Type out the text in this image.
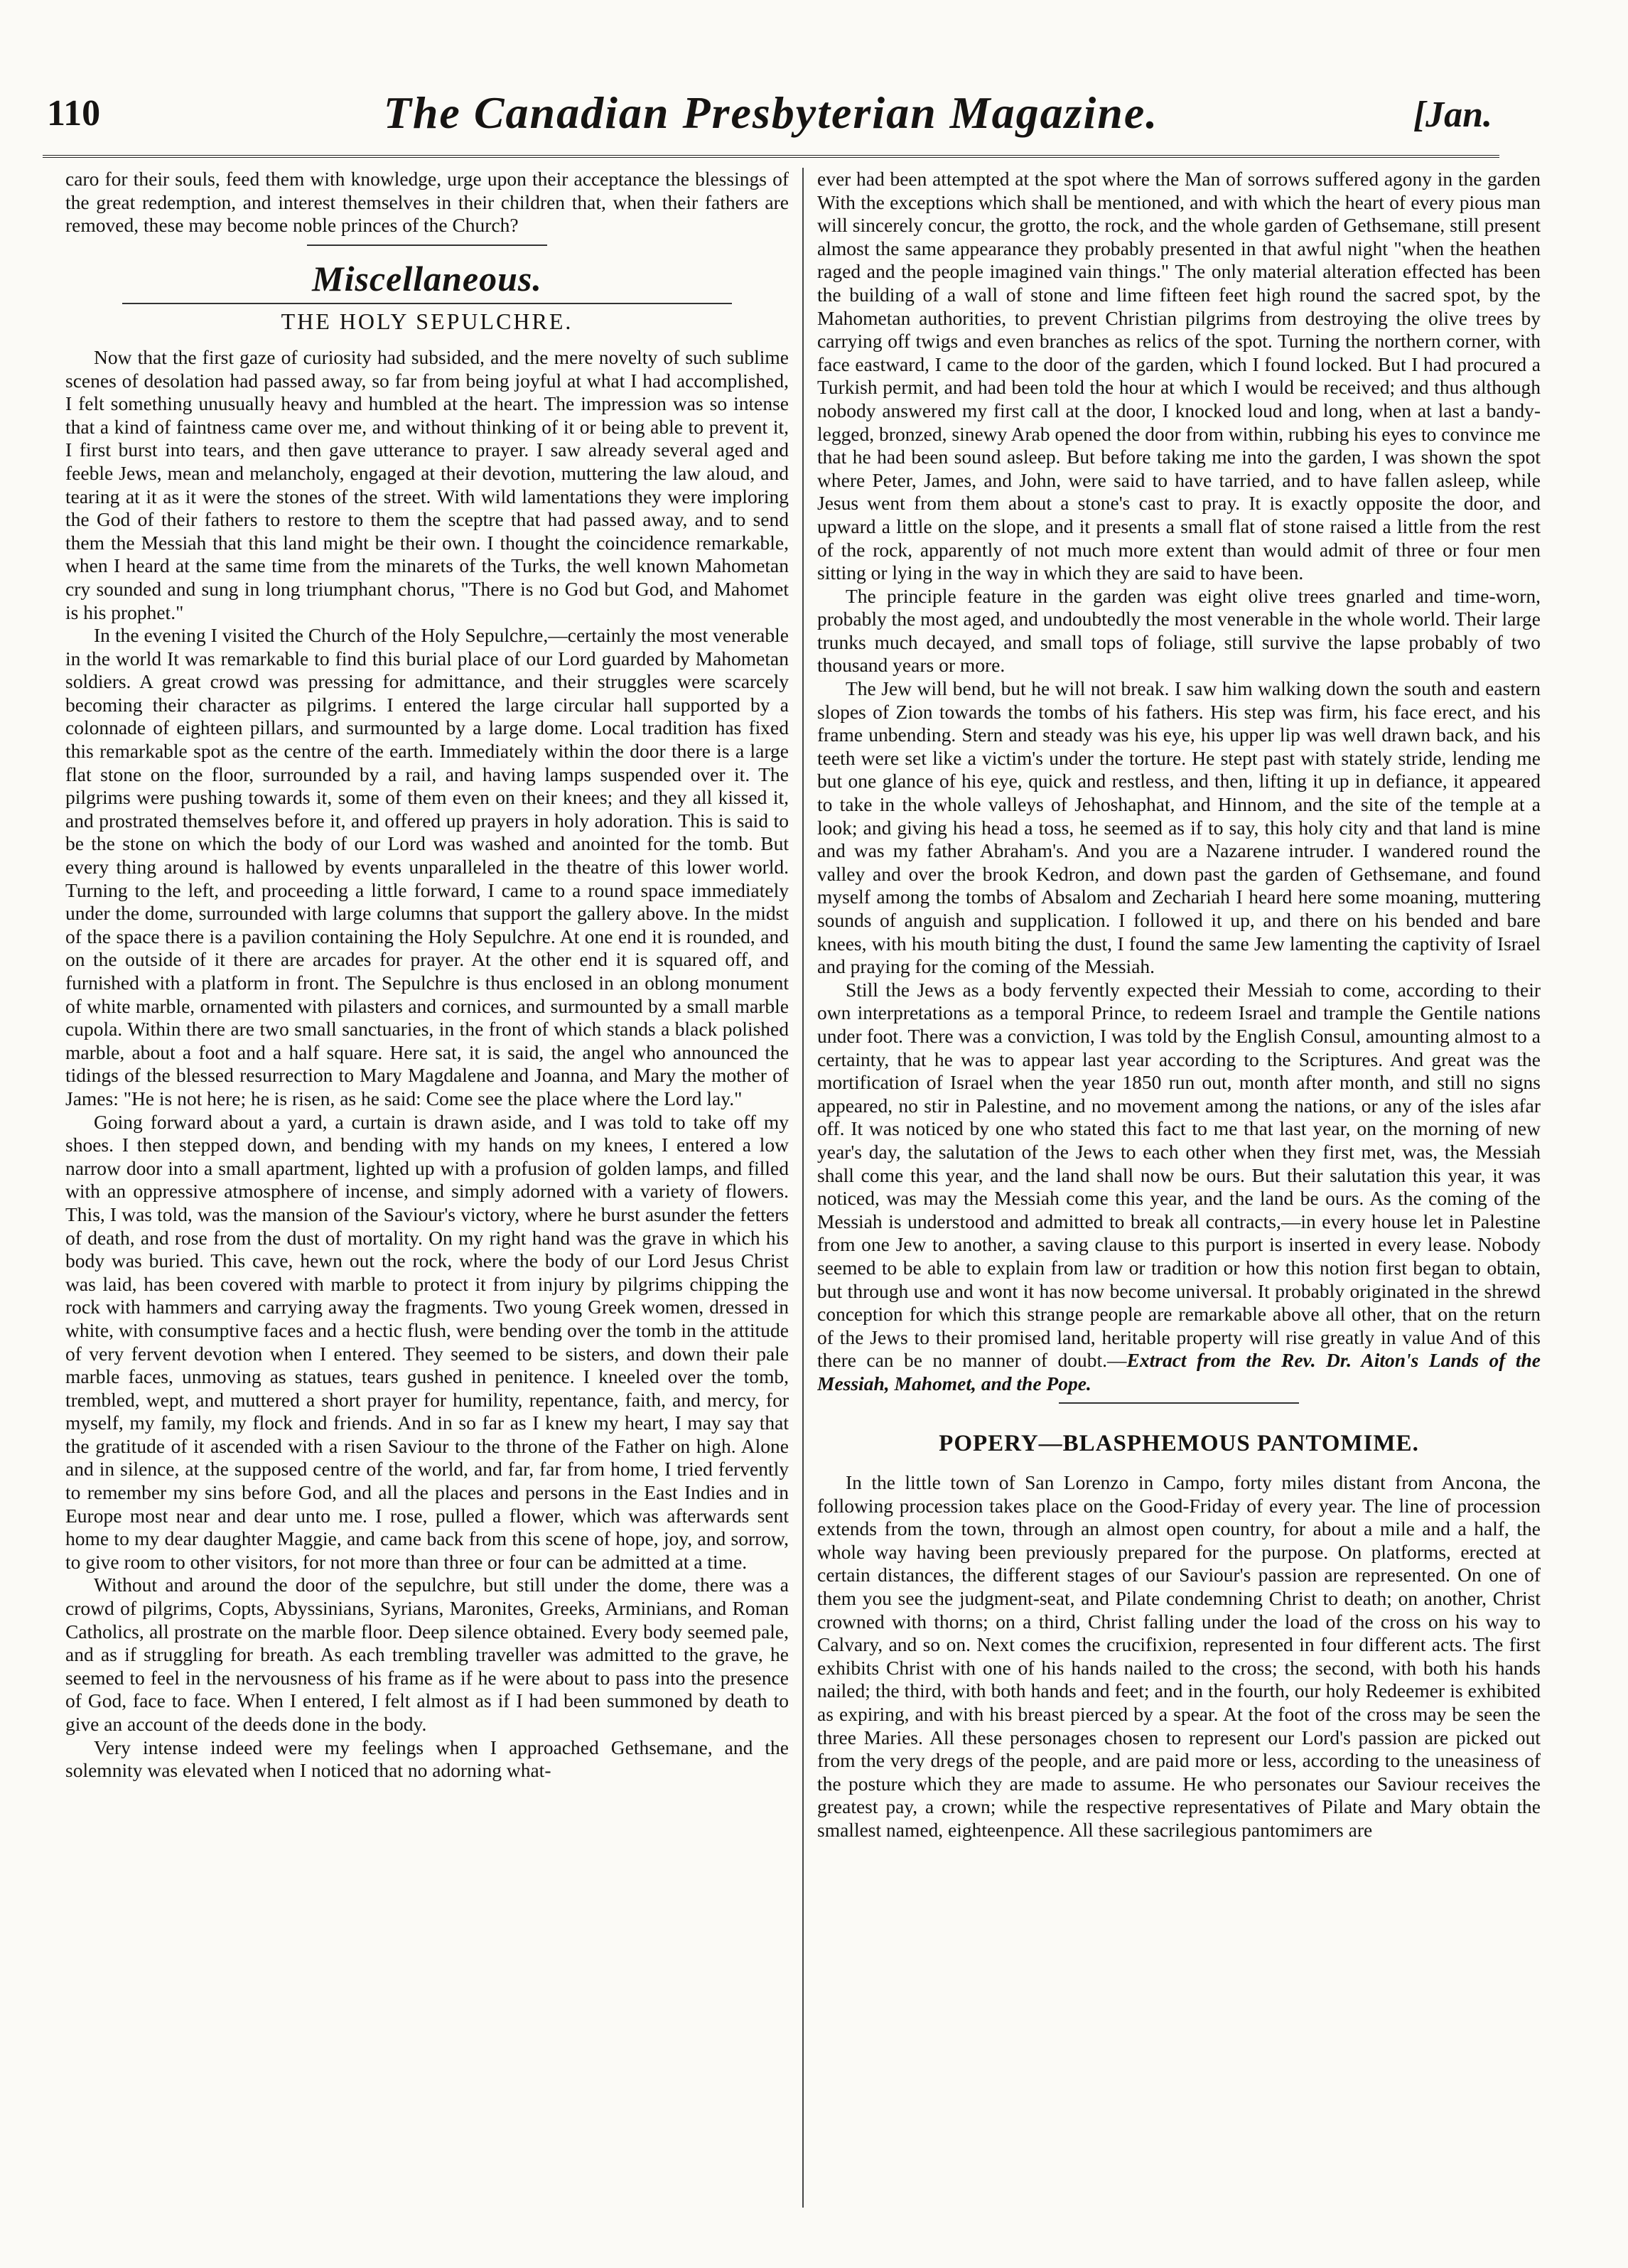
110	The Canadian Presbyterian Magazine.	[Jan.

caro for their souls, feed them with knowledge, urge upon their acceptance the blessings of the great redemption, and interest themselves in their children that, when their fathers are removed, these may become noble princes of the Church?

Miscellaneous.
THE HOLY SEPULCHRE.

Now that the first gaze of curiosity had subsided, and the mere novelty of such sublime scenes of desolation had passed away, so far from being joyful at what I had accomplished, I felt something unusually heavy and humbled at the heart. The impression was so intense that a kind of faintness came over me, and without thinking of it or being able to prevent it, I first burst into tears, and then gave utterance to prayer. I saw already several aged and feeble Jews, mean and melancholy, engaged at their devotion, muttering the law aloud, and tearing at it as it were the stones of the street. With wild lamentations they were imploring the God of their fathers to restore to them the sceptre that had passed away, and to send them the Messiah that this land might be their own. I thought the coincidence remarkable, when I heard at the same time from the minarets of the Turks, the well known Mahometan cry sounded and sung in long triumphant chorus, "There is no God but God, and Mahomet is his prophet."

In the evening I visited the Church of the Holy Sepulchre,—certainly the most venerable in the world It was remarkable to find this burial place of our Lord guarded by Mahometan soldiers. A great crowd was pressing for admittance, and their struggles were scarcely becoming their character as pilgrims. I entered the large circular hall supported by a colonnade of eighteen pillars, and surmounted by a large dome. Local tradition has fixed this remarkable spot as the centre of the earth. Immediately within the door there is a large flat stone on the floor, surrounded by a rail, and having lamps suspended over it. The pilgrims were pushing towards it, some of them even on their knees; and they all kissed it, and prostrated themselves before it, and offered up prayers in holy adoration. This is said to be the stone on which the body of our Lord was washed and anointed for the tomb. But every thing around is hallowed by events unparalleled in the theatre of this lower world. Turning to the left, and proceeding a little forward, I came to a round space immediately under the dome, surrounded with large columns that support the gallery above. In the midst of the space there is a pavilion containing the Holy Sepulchre. At one end it is rounded, and on the outside of it there are arcades for prayer. At the other end it is squared off, and furnished with a platform in front. The Sepulchre is thus enclosed in an oblong monument of white marble, ornamented with pilasters and cornices, and surmounted by a small marble cupola. Within there are two small sanctuaries, in the front of which stands a black polished marble, about a foot and a half square. Here sat, it is said, the angel who announced the tidings of the blessed resurrection to Mary Magdalene and Joanna, and Mary the mother of James: "He is not here; he is risen, as he said: Come see the place where the Lord lay."

Going forward about a yard, a curtain is drawn aside, and I was told to take off my shoes. I then stepped down, and bending with my hands on my knees, I entered a low narrow door into a small apartment, lighted up with a profusion of golden lamps, and filled with an oppressive atmosphere of incense, and simply adorned with a variety of flowers. This, I was told, was the mansion of the Saviour's victory, where he burst asunder the fetters of death, and rose from the dust of mortality. On my right hand was the grave in which his body was buried. This cave, hewn out the rock, where the body of our Lord Jesus Christ was laid, has been covered with marble to protect it from injury by pilgrims chipping the rock with hammers and carrying away the fragments. Two young Greek women, dressed in white, with consumptive faces and a hectic flush, were bending over the tomb in the attitude of very fervent devotion when I entered. They seemed to be sisters, and down their pale marble faces, unmoving as statues, tears gushed in penitence. I kneeled over the tomb, trembled, wept, and muttered a short prayer for humility, repentance, faith, and mercy, for myself, my family, my flock and friends. And in so far as I knew my heart, I may say that the gratitude of it ascended with a risen Saviour to the throne of the Father on high. Alone and in silence, at the supposed centre of the world, and far, far from home, I tried fervently to remember my sins before God, and all the places and persons in the East Indies and in Europe most near and dear unto me. I rose, pulled a flower, which was afterwards sent home to my dear daughter Maggie, and came back from this scene of hope, joy, and sorrow, to give room to other visitors, for not more than three or four can be admitted at a time.

Without and around the door of the sepulchre, but still under the dome, there was a crowd of pilgrims, Copts, Abyssinians, Syrians, Maronites, Greeks, Arminians, and Roman Catholics, all prostrate on the marble floor. Deep silence obtained. Every body seemed pale, and as if struggling for breath. As each trembling traveller was admitted to the grave, he seemed to feel in the nervousness of his frame as if he were about to pass into the presence of God, face to face. When I entered, I felt almost as if I had been summoned by death to give an account of the deeds done in the body.

Very intense indeed were my feelings when I approached Gethsemane, and the solemnity was elevated when I noticed that no adorning what-

ever had been attempted at the spot where the Man of sorrows suffered agony in the garden With the exceptions which shall be mentioned, and with which the heart of every pious man will sincerely concur, the grotto, the rock, and the whole garden of Gethsemane, still present almost the same appearance they probably presented in that awful night "when the heathen raged and the people imagined vain things." The only material alteration effected has been the building of a wall of stone and lime fifteen feet high round the sacred spot, by the Mahometan authorities, to prevent Christian pilgrims from destroying the olive trees by carrying off twigs and even branches as relics of the spot. Turning the northern corner, with face eastward, I came to the door of the garden, which I found locked. But I had procured a Turkish permit, and had been told the hour at which I would be received; and thus although nobody answered my first call at the door, I knocked loud and long, when at last a bandy-legged, bronzed, sinewy Arab opened the door from within, rubbing his eyes to convince me that he had been sound asleep. But before taking me into the garden, I was shown the spot where Peter, James, and John, were said to have tarried, and to have fallen asleep, while Jesus went from them about a stone's cast to pray. It is exactly opposite the door, and upward a little on the slope, and it presents a small flat of stone raised a little from the rest of the rock, apparently of not much more extent than would admit of three or four men sitting or lying in the way in which they are said to have been.

The principle feature in the garden was eight olive trees gnarled and time-worn, probably the most aged, and undoubtedly the most venerable in the whole world. Their large trunks much decayed, and small tops of foliage, still survive the lapse probably of two thousand years or more.

The Jew will bend, but he will not break. I saw him walking down the south and eastern slopes of Zion towards the tombs of his fathers. His step was firm, his face erect, and his frame unbending. Stern and steady was his eye, his upper lip was well drawn back, and his teeth were set like a victim's under the torture. He stept past with stately stride, lending me but one glance of his eye, quick and restless, and then, lifting it up in defiance, it appeared to take in the whole valleys of Jehoshaphat, and Hinnom, and the site of the temple at a look; and giving his head a toss, he seemed as if to say, this holy city and that land is mine and was my father Abraham's. And you are a Nazarene intruder. I wandered round the valley and over the brook Kedron, and down past the garden of Gethsemane, and found myself among the tombs of Absalom and Zechariah I heard here some moaning, muttering sounds of anguish and supplication. I followed it up, and there on his bended and bare knees, with his mouth biting the dust, I found the same Jew lamenting the captivity of Israel and praying for the coming of the Messiah.

Still the Jews as a body fervently expected their Messiah to come, according to their own interpretations as a temporal Prince, to redeem Israel and trample the Gentile nations under foot. There was a conviction, I was told by the English Consul, amounting almost to a certainty, that he was to appear last year according to the Scriptures. And great was the mortification of Israel when the year 1850 run out, month after month, and still no signs appeared, no stir in Palestine, and no movement among the nations, or any of the isles afar off. It was noticed by one who stated this fact to me that last year, on the morning of new year's day, the salutation of the Jews to each other when they first met, was, the Messiah shall come this year, and the land shall now be ours. But their salutation this year, it was noticed, was may the Messiah come this year, and the land be ours. As the coming of the Messiah is understood and admitted to break all contracts,—in every house let in Palestine from one Jew to another, a saving clause to this purport is inserted in every lease. Nobody seemed to be able to explain from law or tradition or how this notion first began to obtain, but through use and wont it has now become universal. It probably originated in the shrewd conception for which this strange people are remarkable above all other, that on the return of the Jews to their promised land, heritable property will rise greatly in value And of this there can be no manner of doubt.—Extract from the Rev. Dr. Aiton's Lands of the Messiah, Mahomet, and the Pope.

POPERY—BLASPHEMOUS PANTOMIME.

In the little town of San Lorenzo in Campo, forty miles distant from Ancona, the following procession takes place on the Good-Friday of every year. The line of procession extends from the town, through an almost open country, for about a mile and a half, the whole way having been previously prepared for the purpose. On platforms, erected at certain distances, the different stages of our Saviour's passion are represented. On one of them you see the judgment-seat, and Pilate condemning Christ to death; on another, Christ crowned with thorns; on a third, Christ falling under the load of the cross on his way to Calvary, and so on. Next comes the crucifixion, represented in four different acts. The first exhibits Christ with one of his hands nailed to the cross; the second, with both his hands nailed; the third, with both hands and feet; and in the fourth, our holy Redeemer is exhibited as expiring, and with his breast pierced by a spear. At the foot of the cross may be seen the three Maries. All these personages chosen to represent our Lord's passion are picked out from the very dregs of the people, and are paid more or less, according to the uneasiness of the posture which they are made to assume. He who personates our Saviour receives the greatest pay, a crown; while the respective representatives of Pilate and Mary obtain the smallest named, eighteenpence. All these sacrilegious pantomimers are
